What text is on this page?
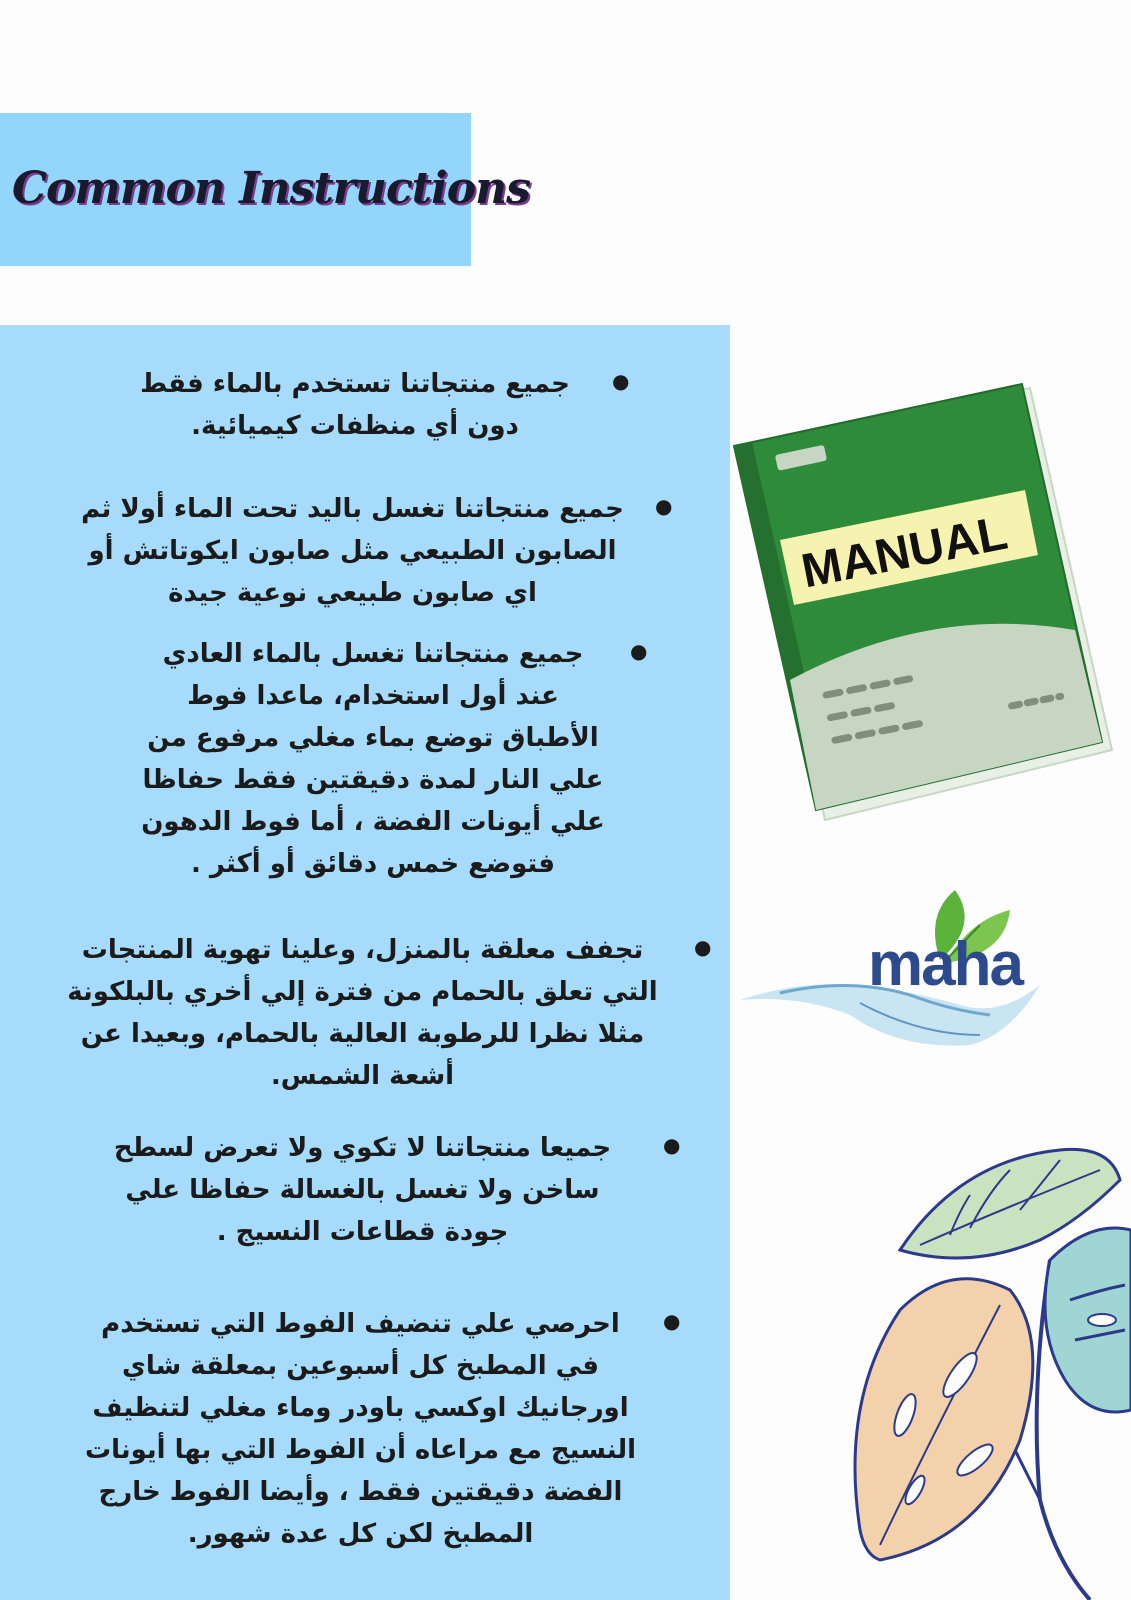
Common Instructions
جميع منتجاتنا تستخدم بالماء فقط
دون أي منظفات كيميائية.
●
جميع منتجاتنا تغسل باليد تحت الماء أولا ثم
الصابون الطبيعي مثل صابون ايكوتاتش أو
اي صابون طبيعي نوعية جيدة
●
جميع منتجاتنا تغسل بالماء العادي
عند أول استخدام، ماعدا فوط
الأطباق توضع بماء مغلي مرفوع من
علي النار لمدة دقيقتين فقط حفاظا
علي أيونات الفضة ، أما فوط الدهون
فتوضع خمس دقائق أو أكثر .
●
تجفف معلقة بالمنزل، وعلينا تهوية المنتجات
التي تعلق بالحمام من فترة إلي أخري بالبلكونة
مثلا نظرا للرطوبة العالية بالحمام، وبعيدا عن
أشعة الشمس.
●
جميعا منتجاتنا لا تكوي ولا تعرض لسطح
ساخن ولا تغسل بالغسالة حفاظا علي
جودة قطاعات النسيج .
●
احرصي علي تنضيف الفوط التي تستخدم
في المطبخ كل أسبوعين بمعلقة شاي
اورجانيك اوكسي باودر وماء مغلي لتنظيف
النسيج مع مراعاه أن الفوط التي بها أيونات
الفضة دقيقتين فقط ، وأيضا الفوط خارج
المطبخ لكن كل عدة شهور.
●
MANUAL
maha
